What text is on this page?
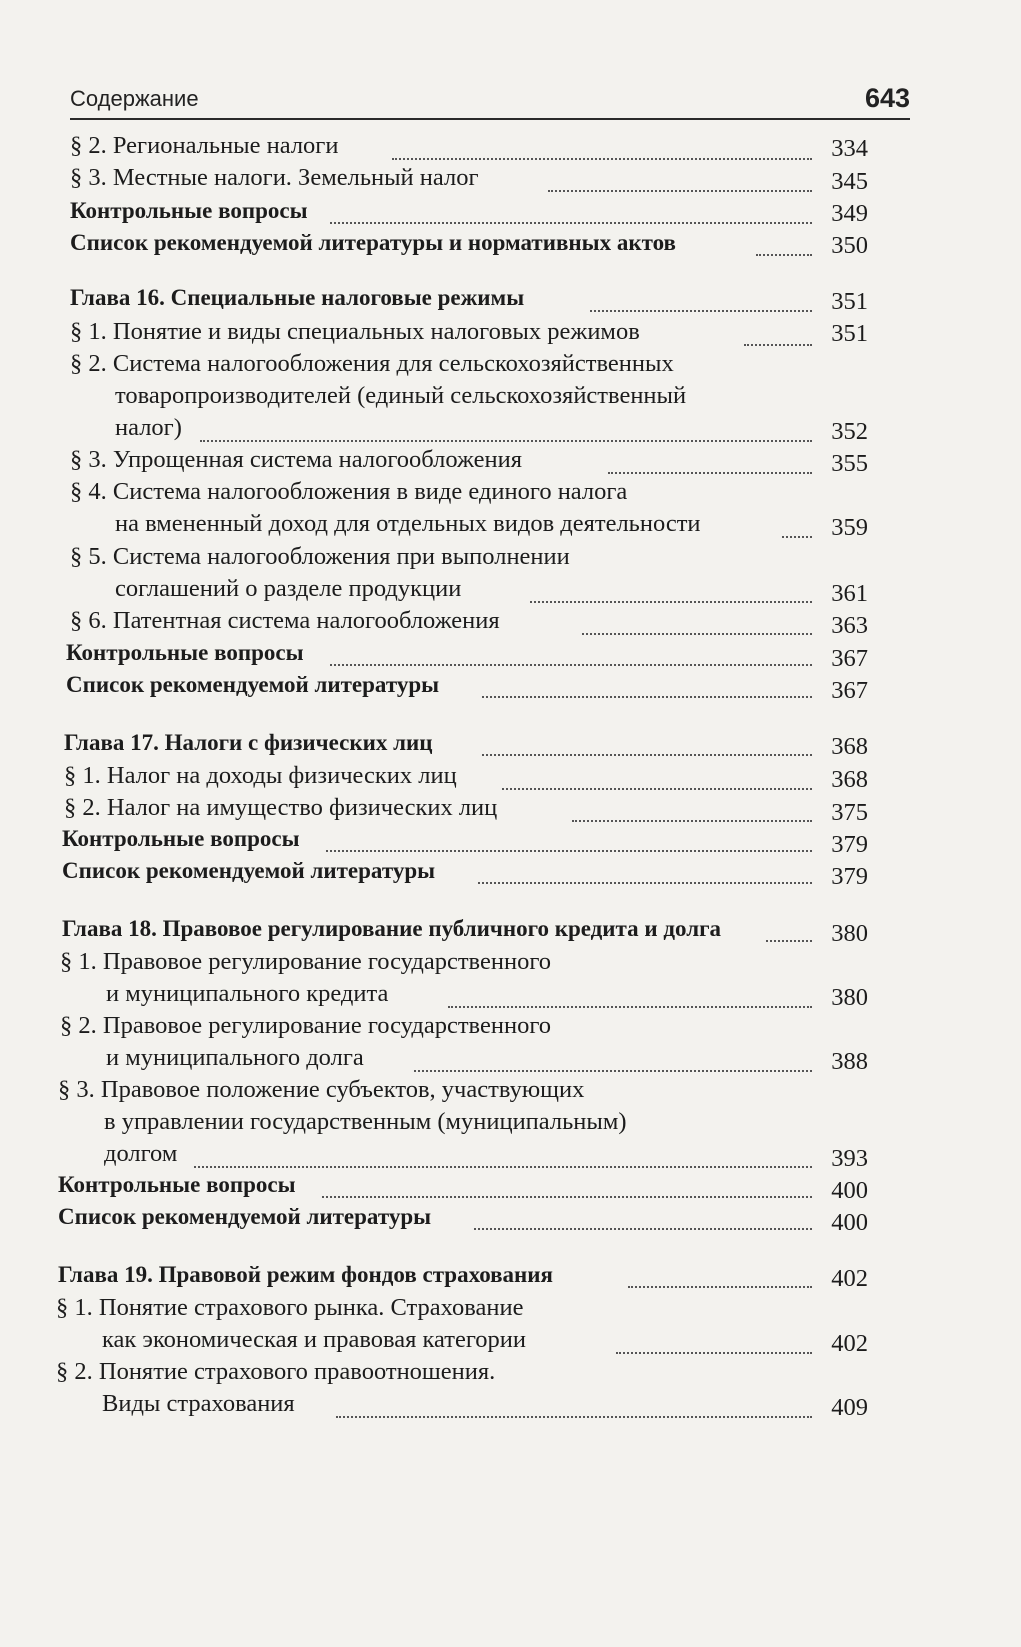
Содержание	643
§ 2. Региональные налоги	334
§ 3. Местные налоги. Земельный налог	345
Контрольные вопросы	349
Список рекомендуемой литературы и нормативных актов	350
Глава 16. Специальные налоговые режимы	351
§ 1. Понятие и виды специальных налоговых режимов	351
§ 2. Система налогообложения для сельскохозяйственных
товаропроизводителей (единый сельскохозяйственный
налог)	352
§ 3. Упрощенная система налогообложения	355
§ 4. Система налогообложения в виде единого налога
на вмененный доход для отдельных видов деятельности	359
§ 5. Система налогообложения при выполнении
соглашений о разделе продукции	361
§ 6. Патентная система налогообложения	363
Контрольные вопросы	367
Список рекомендуемой литературы	367
Глава 17. Налоги с физических лиц	368
§ 1. Налог на доходы физических лиц	368
§ 2. Налог на имущество физических лиц	375
Контрольные вопросы	379
Список рекомендуемой литературы	379
Глава 18. Правовое регулирование публичного кредита и долга	380
§ 1. Правовое регулирование государственного
и муниципального кредита	380
§ 2. Правовое регулирование государственного
и муниципального долга	388
§ 3. Правовое положение субъектов, участвующих
в управлении государственным (муниципальным)
долгом	393
Контрольные вопросы	400
Список рекомендуемой литературы	400
Глава 19. Правовой режим фондов страхования	402
§ 1. Понятие страхового рынка. Страхование
как экономическая и правовая категории	402
§ 2. Понятие страхового правоотношения.
Виды страхования	409
